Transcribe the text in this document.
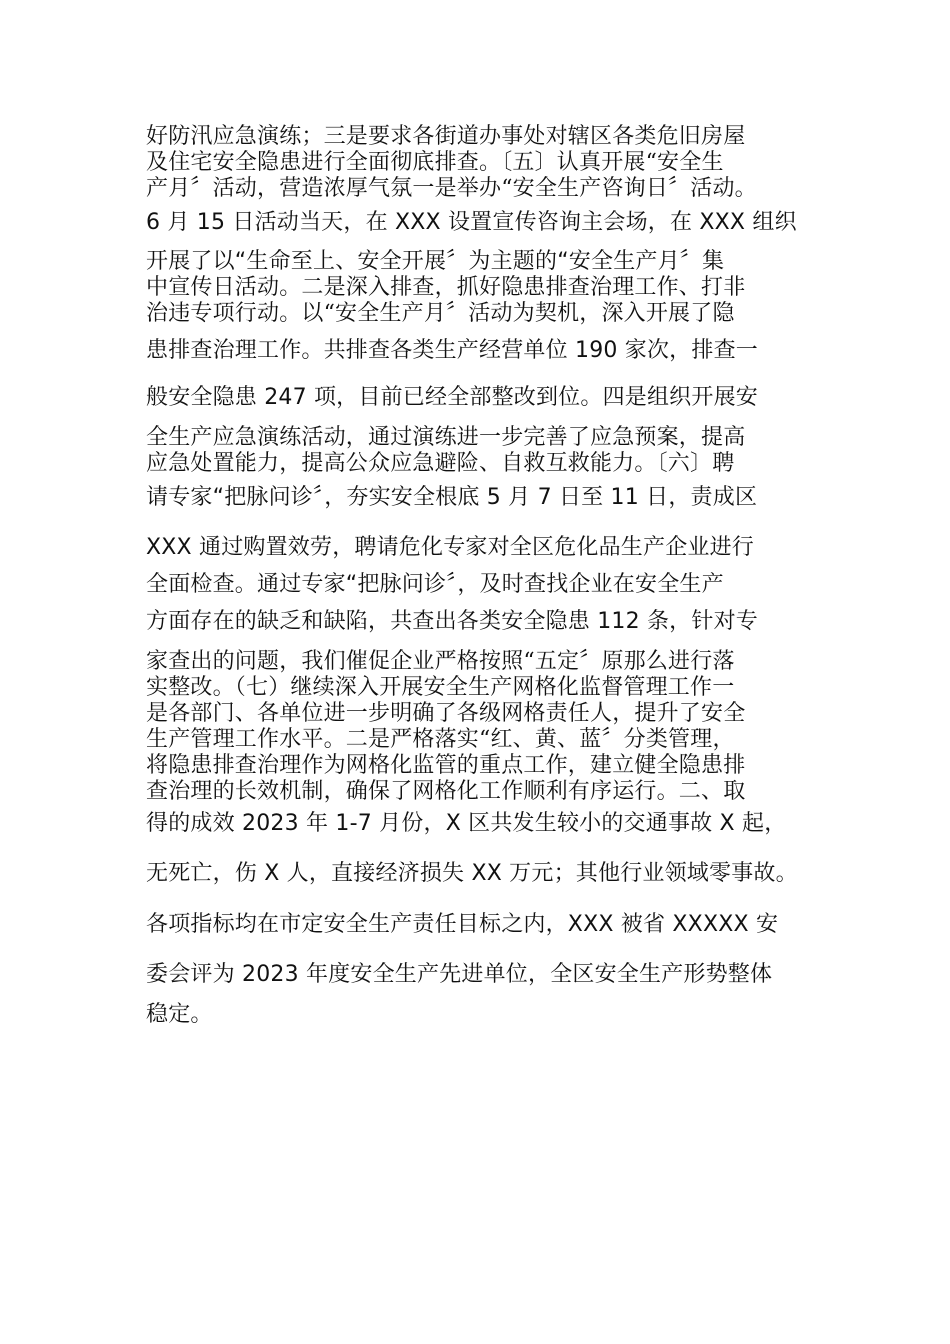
好防汛应急演练；三是要求各街道办事处对辖区各类危旧房屋
及住宅安全隐患进行全面彻底排查。〔五〕认真开展“安全生
产月〞活动，营造浓厚气氛一是举办“安全生产咨询日〞活动。
6 月 15 日活动当天，在 XXX 设置宣传咨询主会场，在 XXX 组织
开展了以“生命至上、安全开展〞为主题的“安全生产月〞集
中宣传日活动。二是深入排查，抓好隐患排查治理工作、打非
治违专项行动。以“安全生产月〞活动为契机，深入开展了隐
患排查治理工作。共排查各类生产经营单位 190 家次，排查一
般安全隐患 247 项，目前已经全部整改到位。四是组织开展安
全生产应急演练活动，通过演练进一步完善了应急预案，提高
应急处置能力，提高公众应急避险、自救互救能力。〔六〕聘
请专家“把脉问诊〞，夯实安全根底 5 月 7 日至 11 日，责成区
XXX 通过购置效劳，聘请危化专家对全区危化品生产企业进行
全面检查。通过专家“把脉问诊〞，及时查找企业在安全生产
方面存在的缺乏和缺陷，共查出各类安全隐患 112 条，针对专
家查出的问题，我们催促企业严格按照“五定〞原那么进行落
实整改。（七）继续深入开展安全生产网格化监督管理工作一
是各部门、各单位进一步明确了各级网格责任人，提升了安全
生产管理工作水平。二是严格落实“红、黄、蓝〞分类管理，
将隐患排查治理作为网格化监管的重点工作，建立健全隐患排
查治理的长效机制，确保了网格化工作顺利有序运行。二、取
得的成效 2023 年 1-7 月份，X 区共发生较小的交通事故 X 起，
无死亡，伤 X 人，直接经济损失 XX 万元；其他行业领域零事故。
各项指标均在市定安全生产责任目标之内，XXX 被省 XXXXX 安
委会评为 2023 年度安全生产先进单位，全区安全生产形势整体
稳定。
